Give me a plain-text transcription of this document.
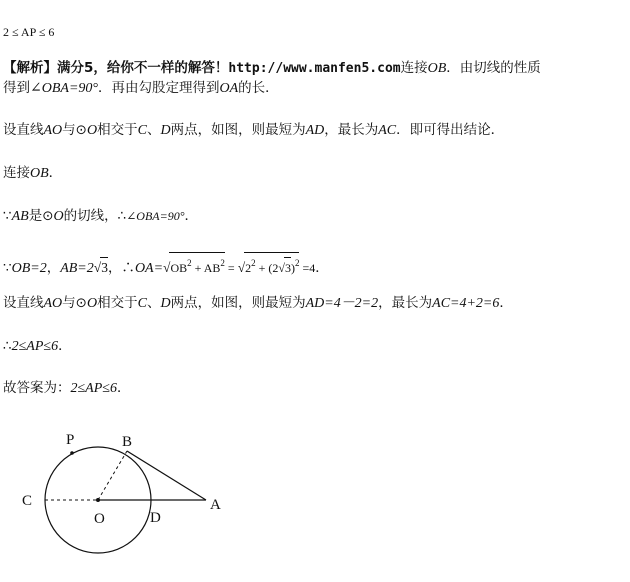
2 ≤ AP ≤ 6
【解析】满分5，给你不一样的解答！http://www.manfen5.com连接OB．由切线的性质
得到∠OBA=90°．再由勾股定理得到OA的长．
设直线AO与⊙O相交于C、D两点，如图，则最短为AD，最长为AC．即可得出结论．
连接OB．
∵AB是⊙O的切线，∴∠OBA=90°．
∵OB=2，AB=2√3，$\therefore OA=√OB^2 + AB^2 = √2^2 + (2√3)^2 =4$．
设直线AO与⊙O相交于C、D两点，如图，则最短为AD=4－2=2，最长为AC=4+2=6．
∴2≤AP≤6．
故答案为：2≤AP≤6．
P	B
C
O	D
A
